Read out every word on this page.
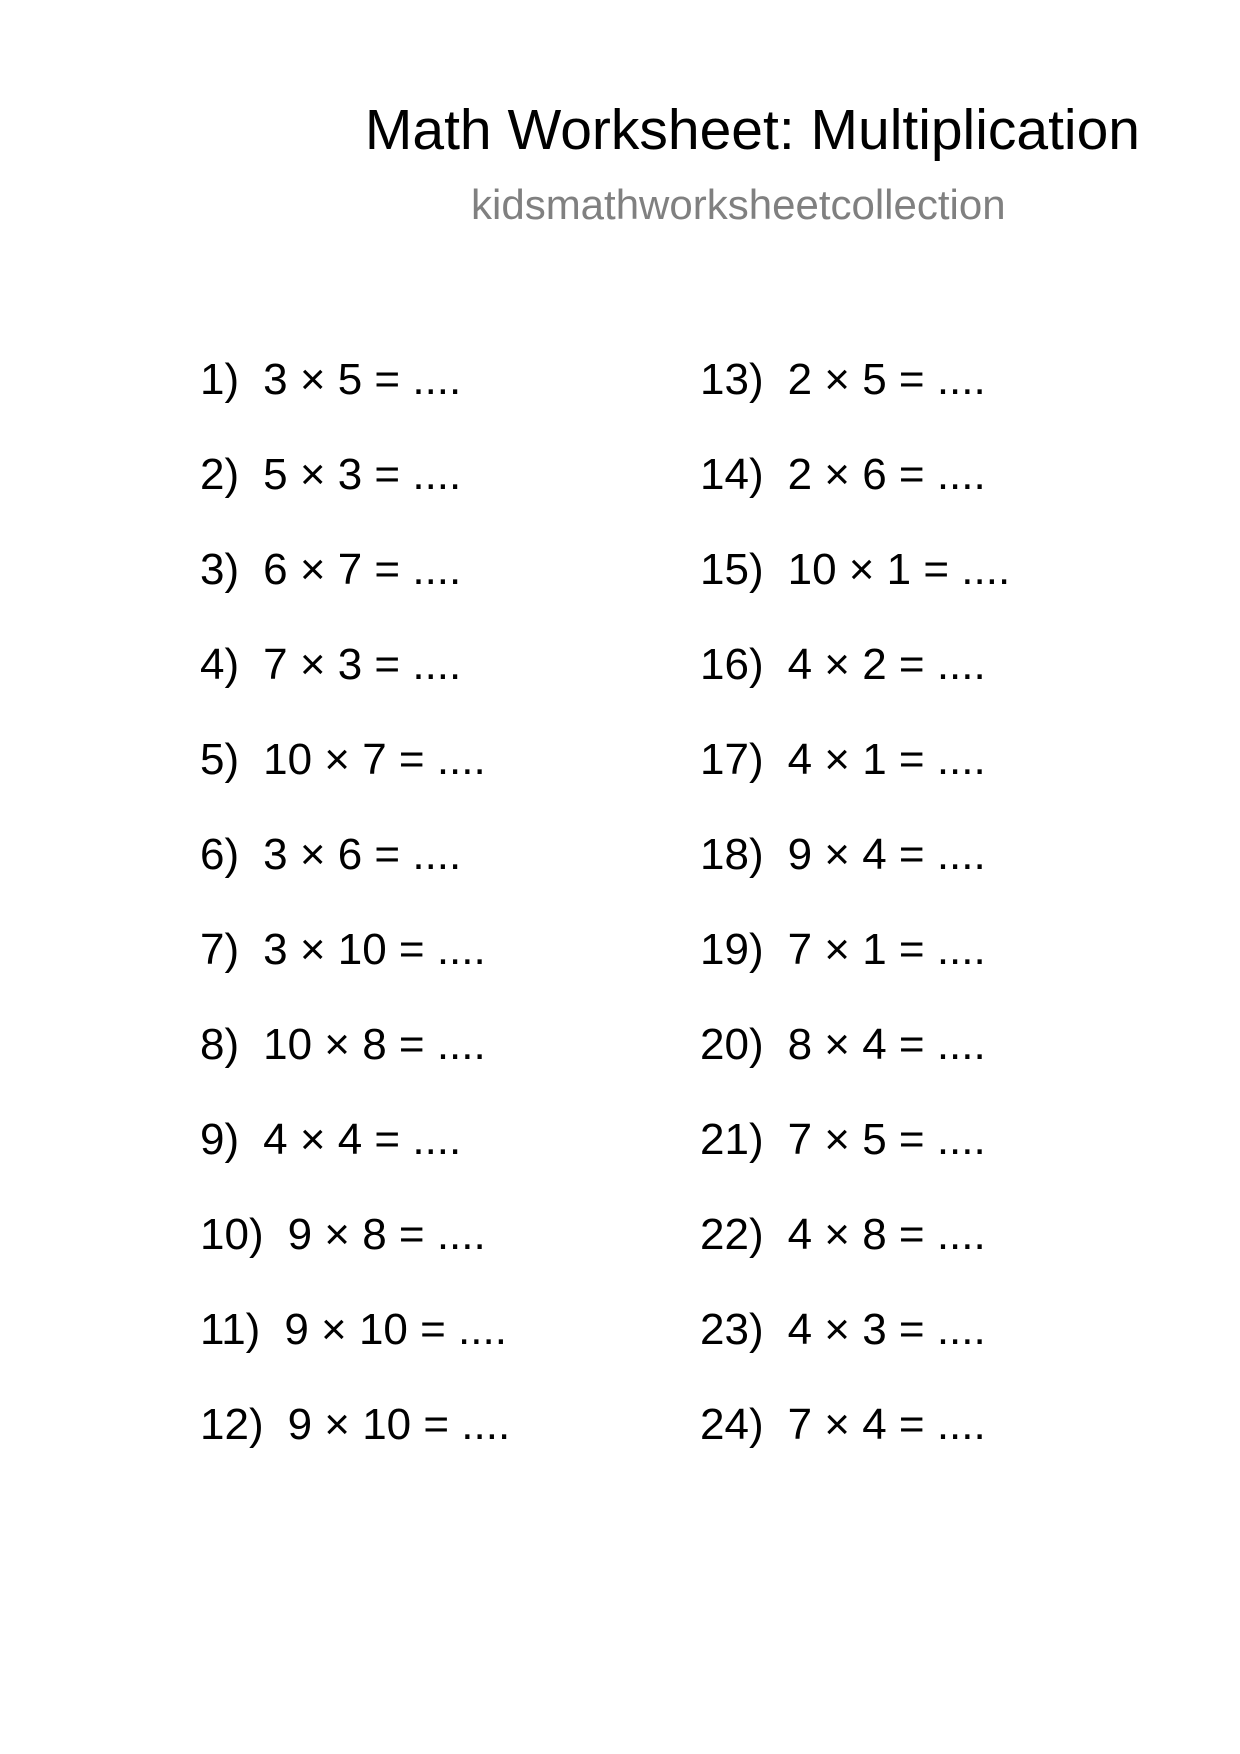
Math Worksheet: Multiplication
kidsmathworksheetcollection
1) 3 × 5 = ....
2) 5 × 3 = ....
3) 6 × 7 = ....
4) 7 × 3 = ....
5) 10 × 7 = ....
6) 3 × 6 = ....
7) 3 × 10 = ....
8) 10 × 8 = ....
9) 4 × 4 = ....
10) 9 × 8 = ....
11) 9 × 10 = ....
12) 9 × 10 = ....
13) 2 × 5 = ....
14) 2 × 6 = ....
15) 10 × 1 = ....
16) 4 × 2 = ....
17) 4 × 1 = ....
18) 9 × 4 = ....
19) 7 × 1 = ....
20) 8 × 4 = ....
21) 7 × 5 = ....
22) 4 × 8 = ....
23) 4 × 3 = ....
24) 7 × 4 = ....
